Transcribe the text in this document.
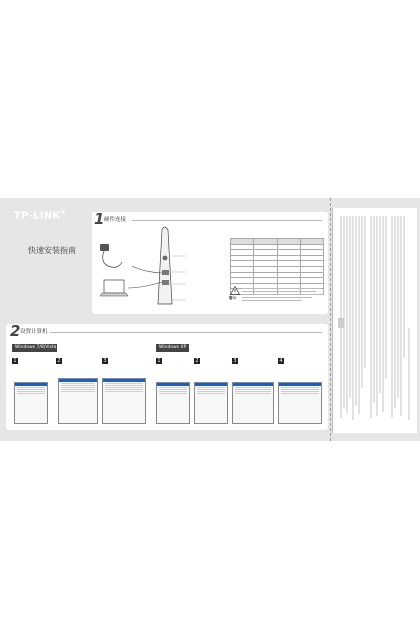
TP-LINK®
快速安装指南
1 硬件连接

警示
2 设置计算机
Windows 7/8/Vista	Windows XP
1	2	3	1	2	3	4
